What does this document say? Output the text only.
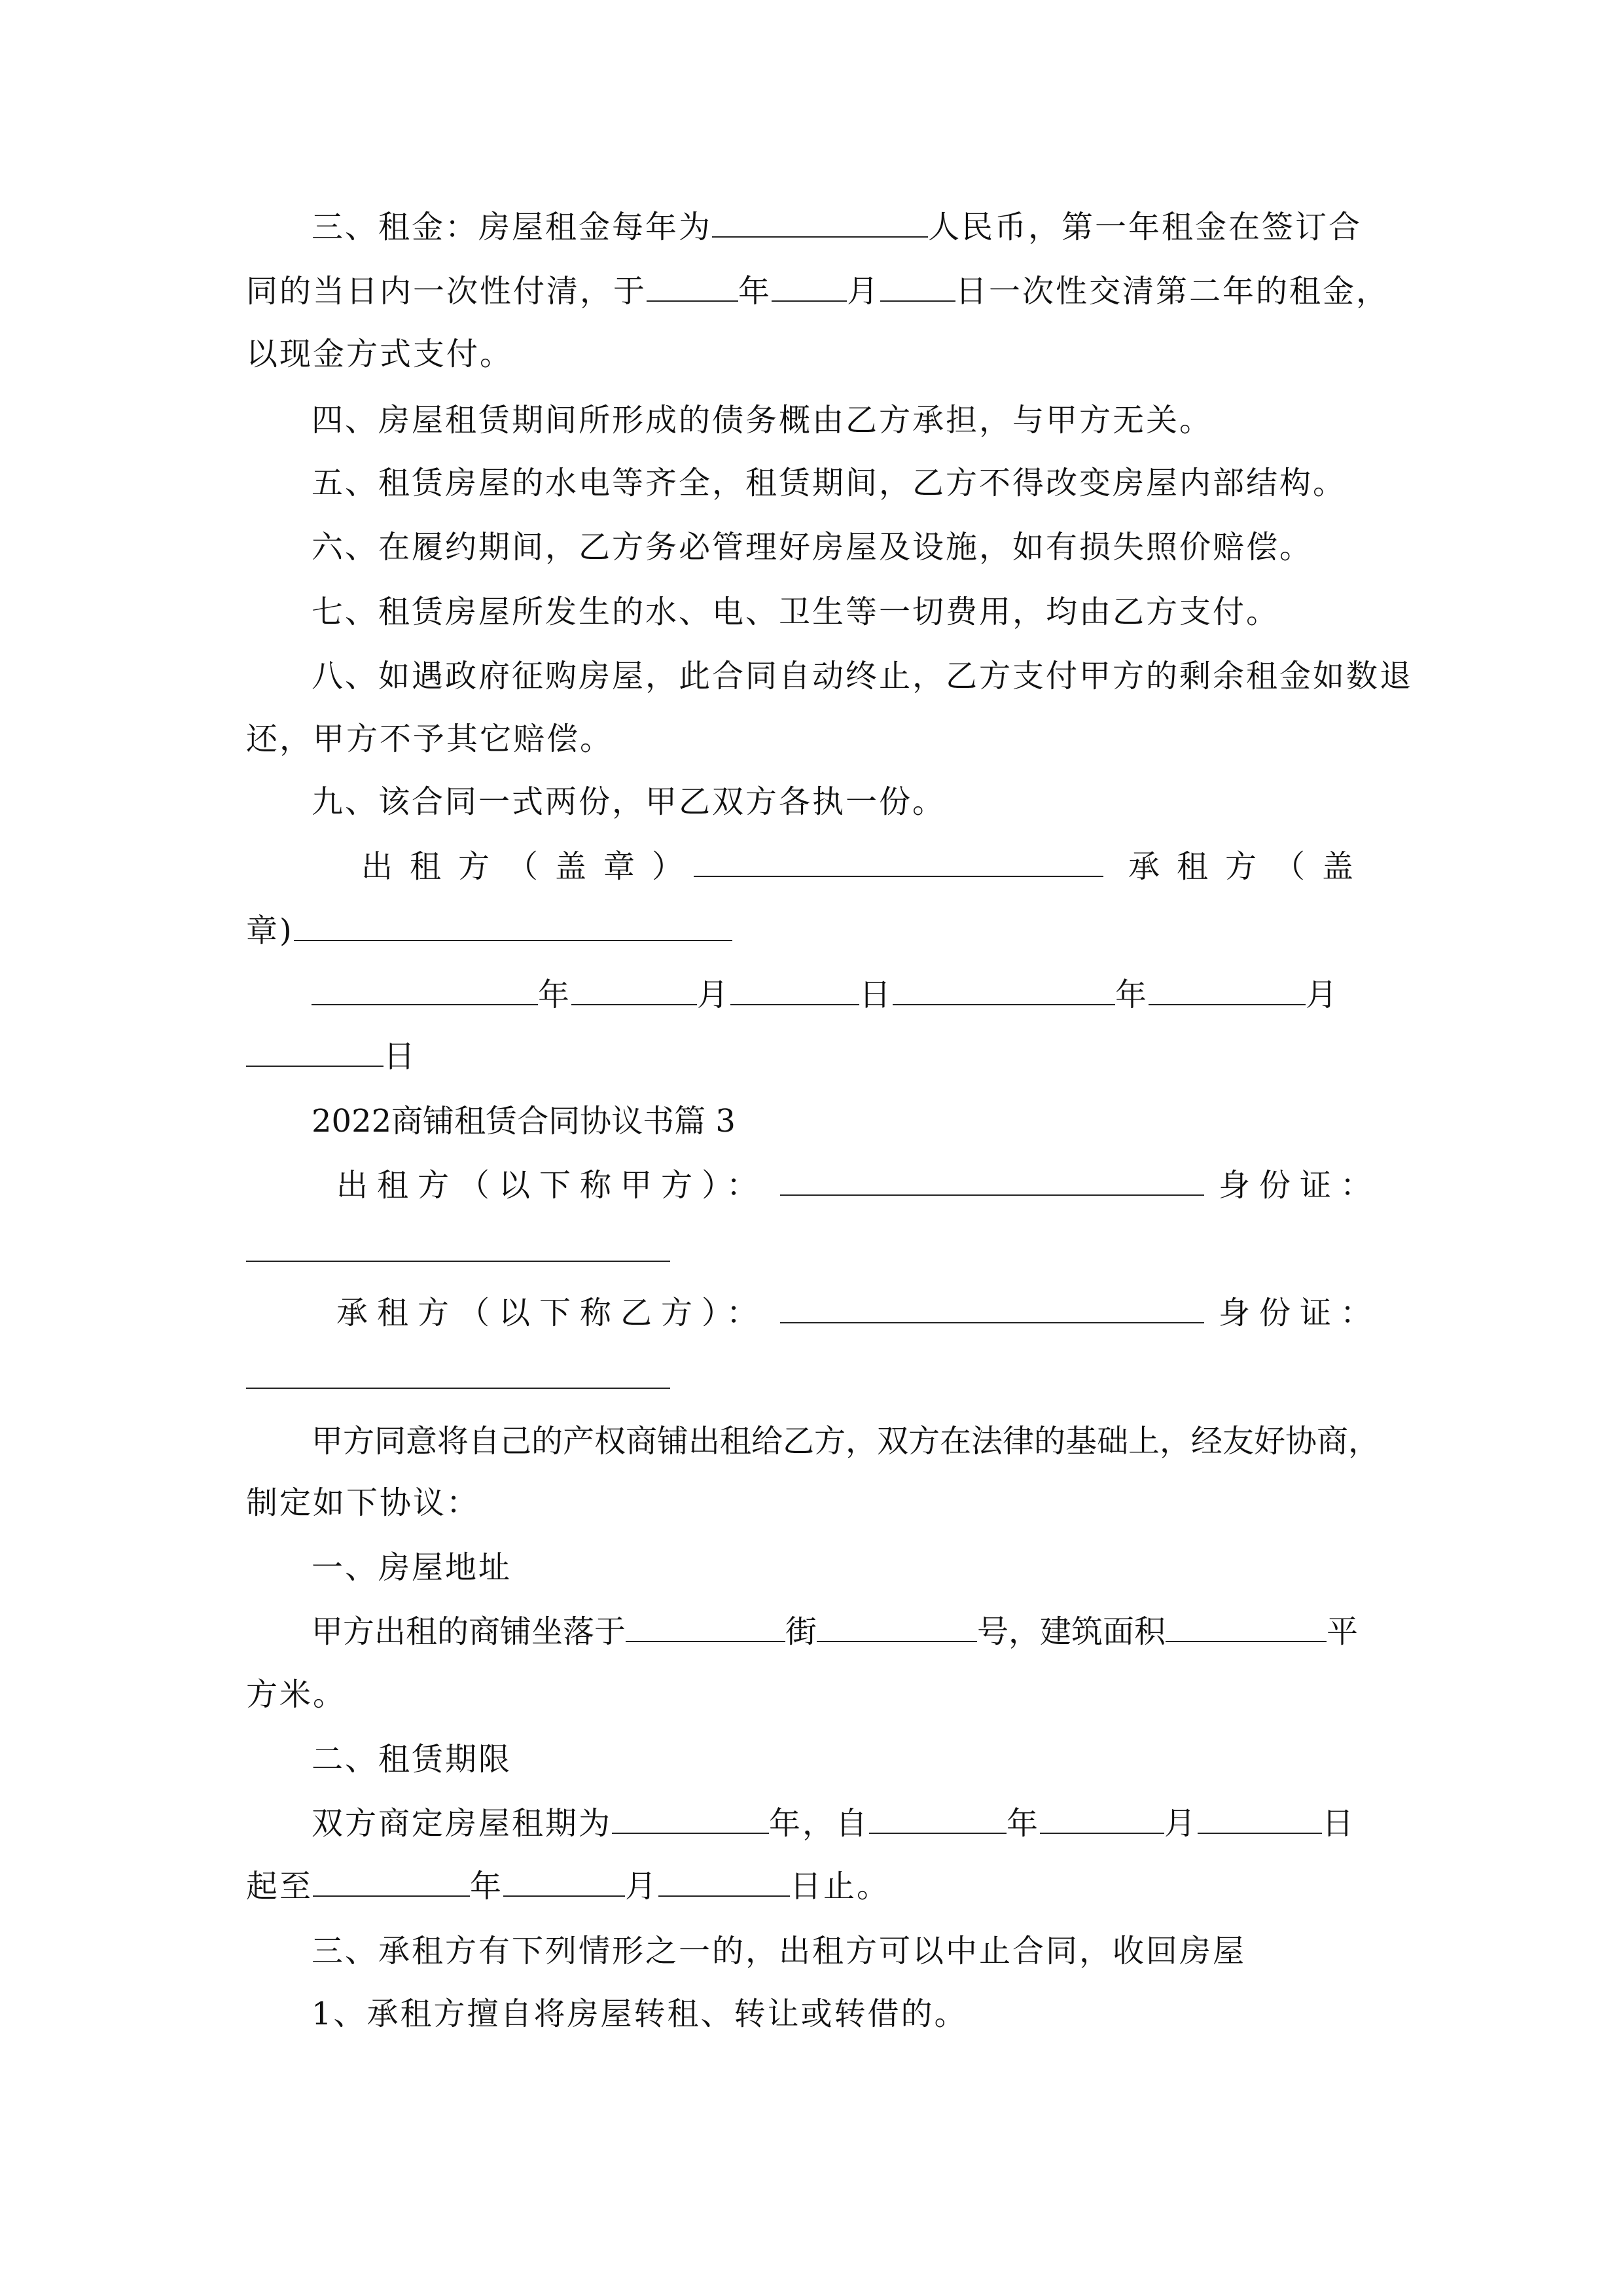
三、租金：房屋租金每年为	人民币，第一年租金在签订合
同的当日内一次性付清，于	年 月 日一次性交清第二年的租金，
以现金方式支付。
四、房屋租赁期间所形成的债务概由乙方承担，与甲方无关。
五、租赁房屋的水电等齐全，租赁期间，乙方不得改变房屋内部结构。
六、在履约期间，乙方务必管理好房屋及设施，如有损失照价赔偿。
七、租赁房屋所发生的水、电、卫生等一切费用，均由乙方支付。
八、如遇政府征购房屋，此合同自动终止，乙方支付甲方的剩余租金如数退
还，甲方不予其它赔偿。
九、该合同一式两份，甲乙双方各执一份。
出租方（盖章）	承租方（盖
章)
年	月	日	年	月
日
2022商铺租赁合同协议书篇 3
出租方（以下称甲方）：	身份证：
承租方（以下称乙方）：	身份证：
甲方同意将自己的产权商铺出租给乙方，双方在法律的基础上，经友好协商，
制定如下协议：
一、房屋地址
甲方出租的商铺坐落于	街	号，建筑面积	平
方米。
二、租赁期限
双方商定房屋租期为	年，自	年	月	日
起至	年	月	日止。
三、承租方有下列情形之一的，出租方可以中止合同，收回房屋
1、承租方擅自将房屋转租、转让或转借的。
